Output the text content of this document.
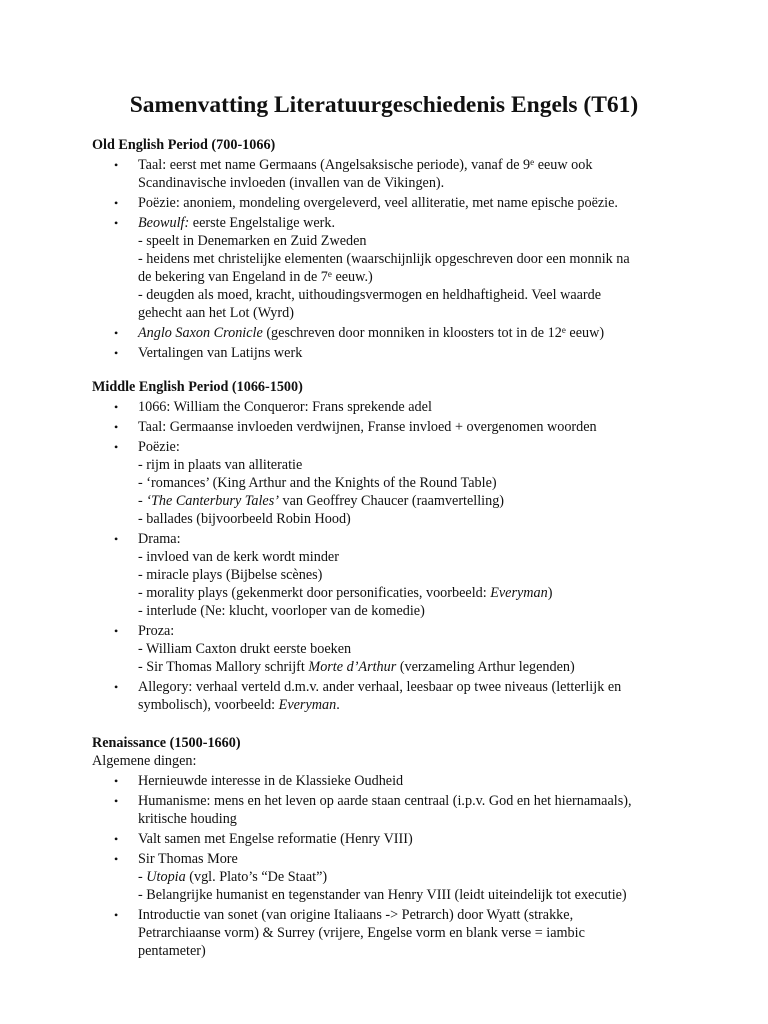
Samenvatting Literatuurgeschiedenis Engels (T61)
Old English Period (700-1066)
• Taal: eerst met name Germaans (Angelsaksische periode), vanaf de 9e eeuw ook
Scandinavische invloeden (invallen van de Vikingen).
• Poëzie: anoniem, mondeling overgeleverd, veel alliteratie, met name epische poëzie.
• Beowulf: eerste Engelstalige werk.
- speelt in Denemarken en Zuid Zweden
- heidens met christelijke elementen (waarschijnlijk opgeschreven door een monnik na
de bekering van Engeland in de 7e eeuw.)
- deugden als moed, kracht, uithoudingsvermogen en heldhaftigheid. Veel waarde
gehecht aan het Lot (Wyrd)
• Anglo Saxon Cronicle (geschreven door monniken in kloosters tot in de 12e eeuw)
• Vertalingen van Latijns werk
Middle English Period (1066-1500)
• 1066: William the Conqueror: Frans sprekende adel
• Taal: Germaanse invloeden verdwijnen, Franse invloed + overgenomen woorden
• Poëzie:
- rijm in plaats van alliteratie
- ‘romances’ (King Arthur and the Knights of the Round Table)
- ‘The Canterbury Tales’ van Geoffrey Chaucer (raamvertelling)
- ballades (bijvoorbeeld Robin Hood)
• Drama:
- invloed van de kerk wordt minder
- miracle plays (Bijbelse scènes)
- morality plays (gekenmerkt door personificaties, voorbeeld: Everyman)
- interlude (Ne: klucht, voorloper van de komedie)
• Proza:
- William Caxton drukt eerste boeken
- Sir Thomas Mallory schrijft Morte d’Arthur (verzameling Arthur legenden)
• Allegory: verhaal verteld d.m.v. ander verhaal, leesbaar op twee niveaus (letterlijk en
symbolisch), voorbeeld: Everyman.
Renaissance (1500-1660)
Algemene dingen:
• Hernieuwde interesse in de Klassieke Oudheid
• Humanisme: mens en het leven op aarde staan centraal (i.p.v. God en het hiernamaals),
kritische houding
• Valt samen met Engelse reformatie (Henry VIII)
• Sir Thomas More
- Utopia (vgl. Plato’s “De Staat”)
- Belangrijke humanist en tegenstander van Henry VIII (leidt uiteindelijk tot executie)
• Introductie van sonet (van origine Italiaans -> Petrarch) door Wyatt (strakke,
Petrarchiaanse vorm) & Surrey (vrijere, Engelse vorm en blank verse = iambic
pentameter)
